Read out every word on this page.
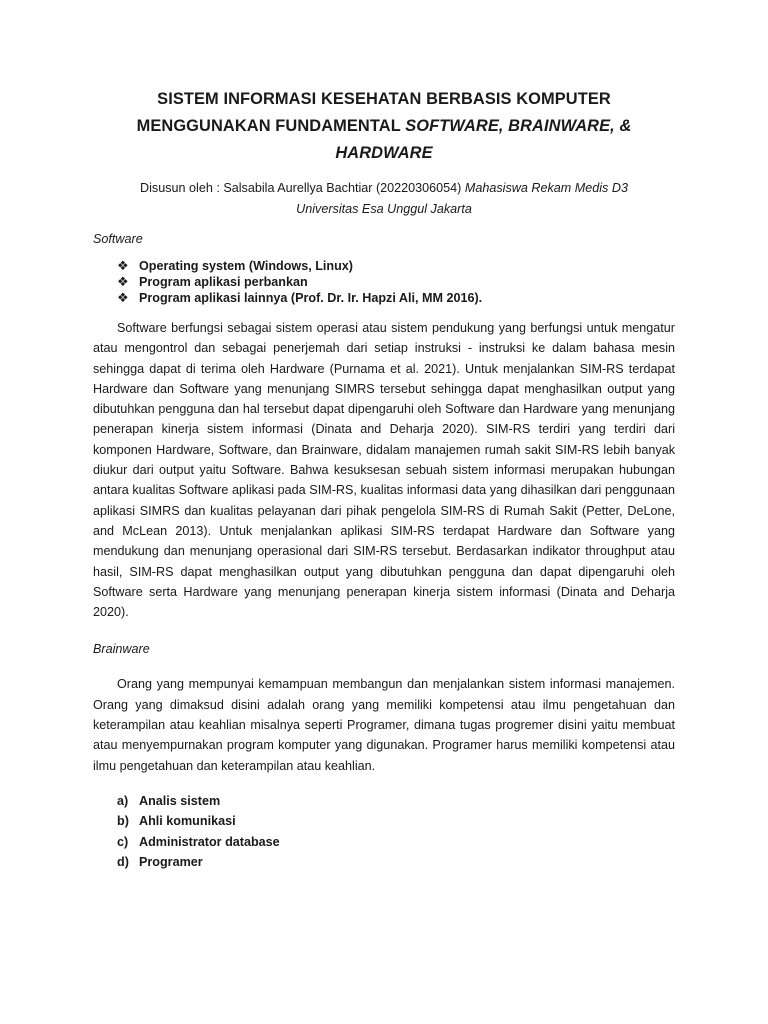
SISTEM INFORMASI KESEHATAN BERBASIS KOMPUTER
MENGGUNAKAN FUNDAMENTAL SOFTWARE, BRAINWARE, &
HARDWARE

Disusun oleh : Salsabila Aurellya Bachtiar (20220306054) Mahasiswa Rekam Medis D3
Universitas Esa Unggul Jakarta

Software

❖ Operating system (Windows, Linux)
❖ Program aplikasi perbankan
❖ Program aplikasi lainnya (Prof. Dr. Ir. Hapzi Ali, MM 2016).

Software berfungsi sebagai sistem operasi atau sistem pendukung yang berfungsi untuk mengatur atau mengontrol dan sebagai penerjemah dari setiap instruksi - instruksi ke dalam bahasa mesin sehingga dapat di terima oleh Hardware (Purnama et al. 2021). Untuk menjalankan SIM-RS terdapat Hardware dan Software yang menunjang SIMRS tersebut sehingga dapat menghasilkan output yang dibutuhkan pengguna dan hal tersebut dapat dipengaruhi oleh Software dan Hardware yang menunjang penerapan kinerja sistem informasi (Dinata and Deharja 2020). SIM-RS terdiri yang terdiri dari komponen Hardware, Software, dan Brainware, didalam manajemen rumah sakit SIM-RS lebih banyak diukur dari output yaitu Software. Bahwa kesuksesan sebuah sistem informasi merupakan hubungan antara kualitas Software aplikasi pada SIM-RS, kualitas informasi data yang dihasilkan dari penggunaan aplikasi SIMRS dan kualitas pelayanan dari pihak pengelola SIM-RS di Rumah Sakit (Petter, DeLone, and McLean 2013). Untuk menjalankan aplikasi SIM-RS terdapat Hardware dan Software yang mendukung dan menunjang operasional dari SIM-RS tersebut. Berdasarkan indikator throughput atau hasil, SIM-RS dapat menghasilkan output yang dibutuhkan pengguna dan dapat dipengaruhi oleh Software serta Hardware yang menunjang penerapan kinerja sistem informasi (Dinata and Deharja 2020).

Brainware

Orang yang mempunyai kemampuan membangun dan menjalankan sistem informasi manajemen. Orang yang dimaksud disini adalah orang yang memiliki kompetensi atau ilmu pengetahuan dan keterampilan atau keahlian misalnya seperti Programer, dimana tugas progremer disini yaitu membuat atau menyempurnakan program komputer yang digunakan. Programer harus memiliki kompetensi atau ilmu pengetahuan dan keterampilan atau keahlian.

a) Analis sistem
b) Ahli komunikasi
c) Administrator database
d) Programer
